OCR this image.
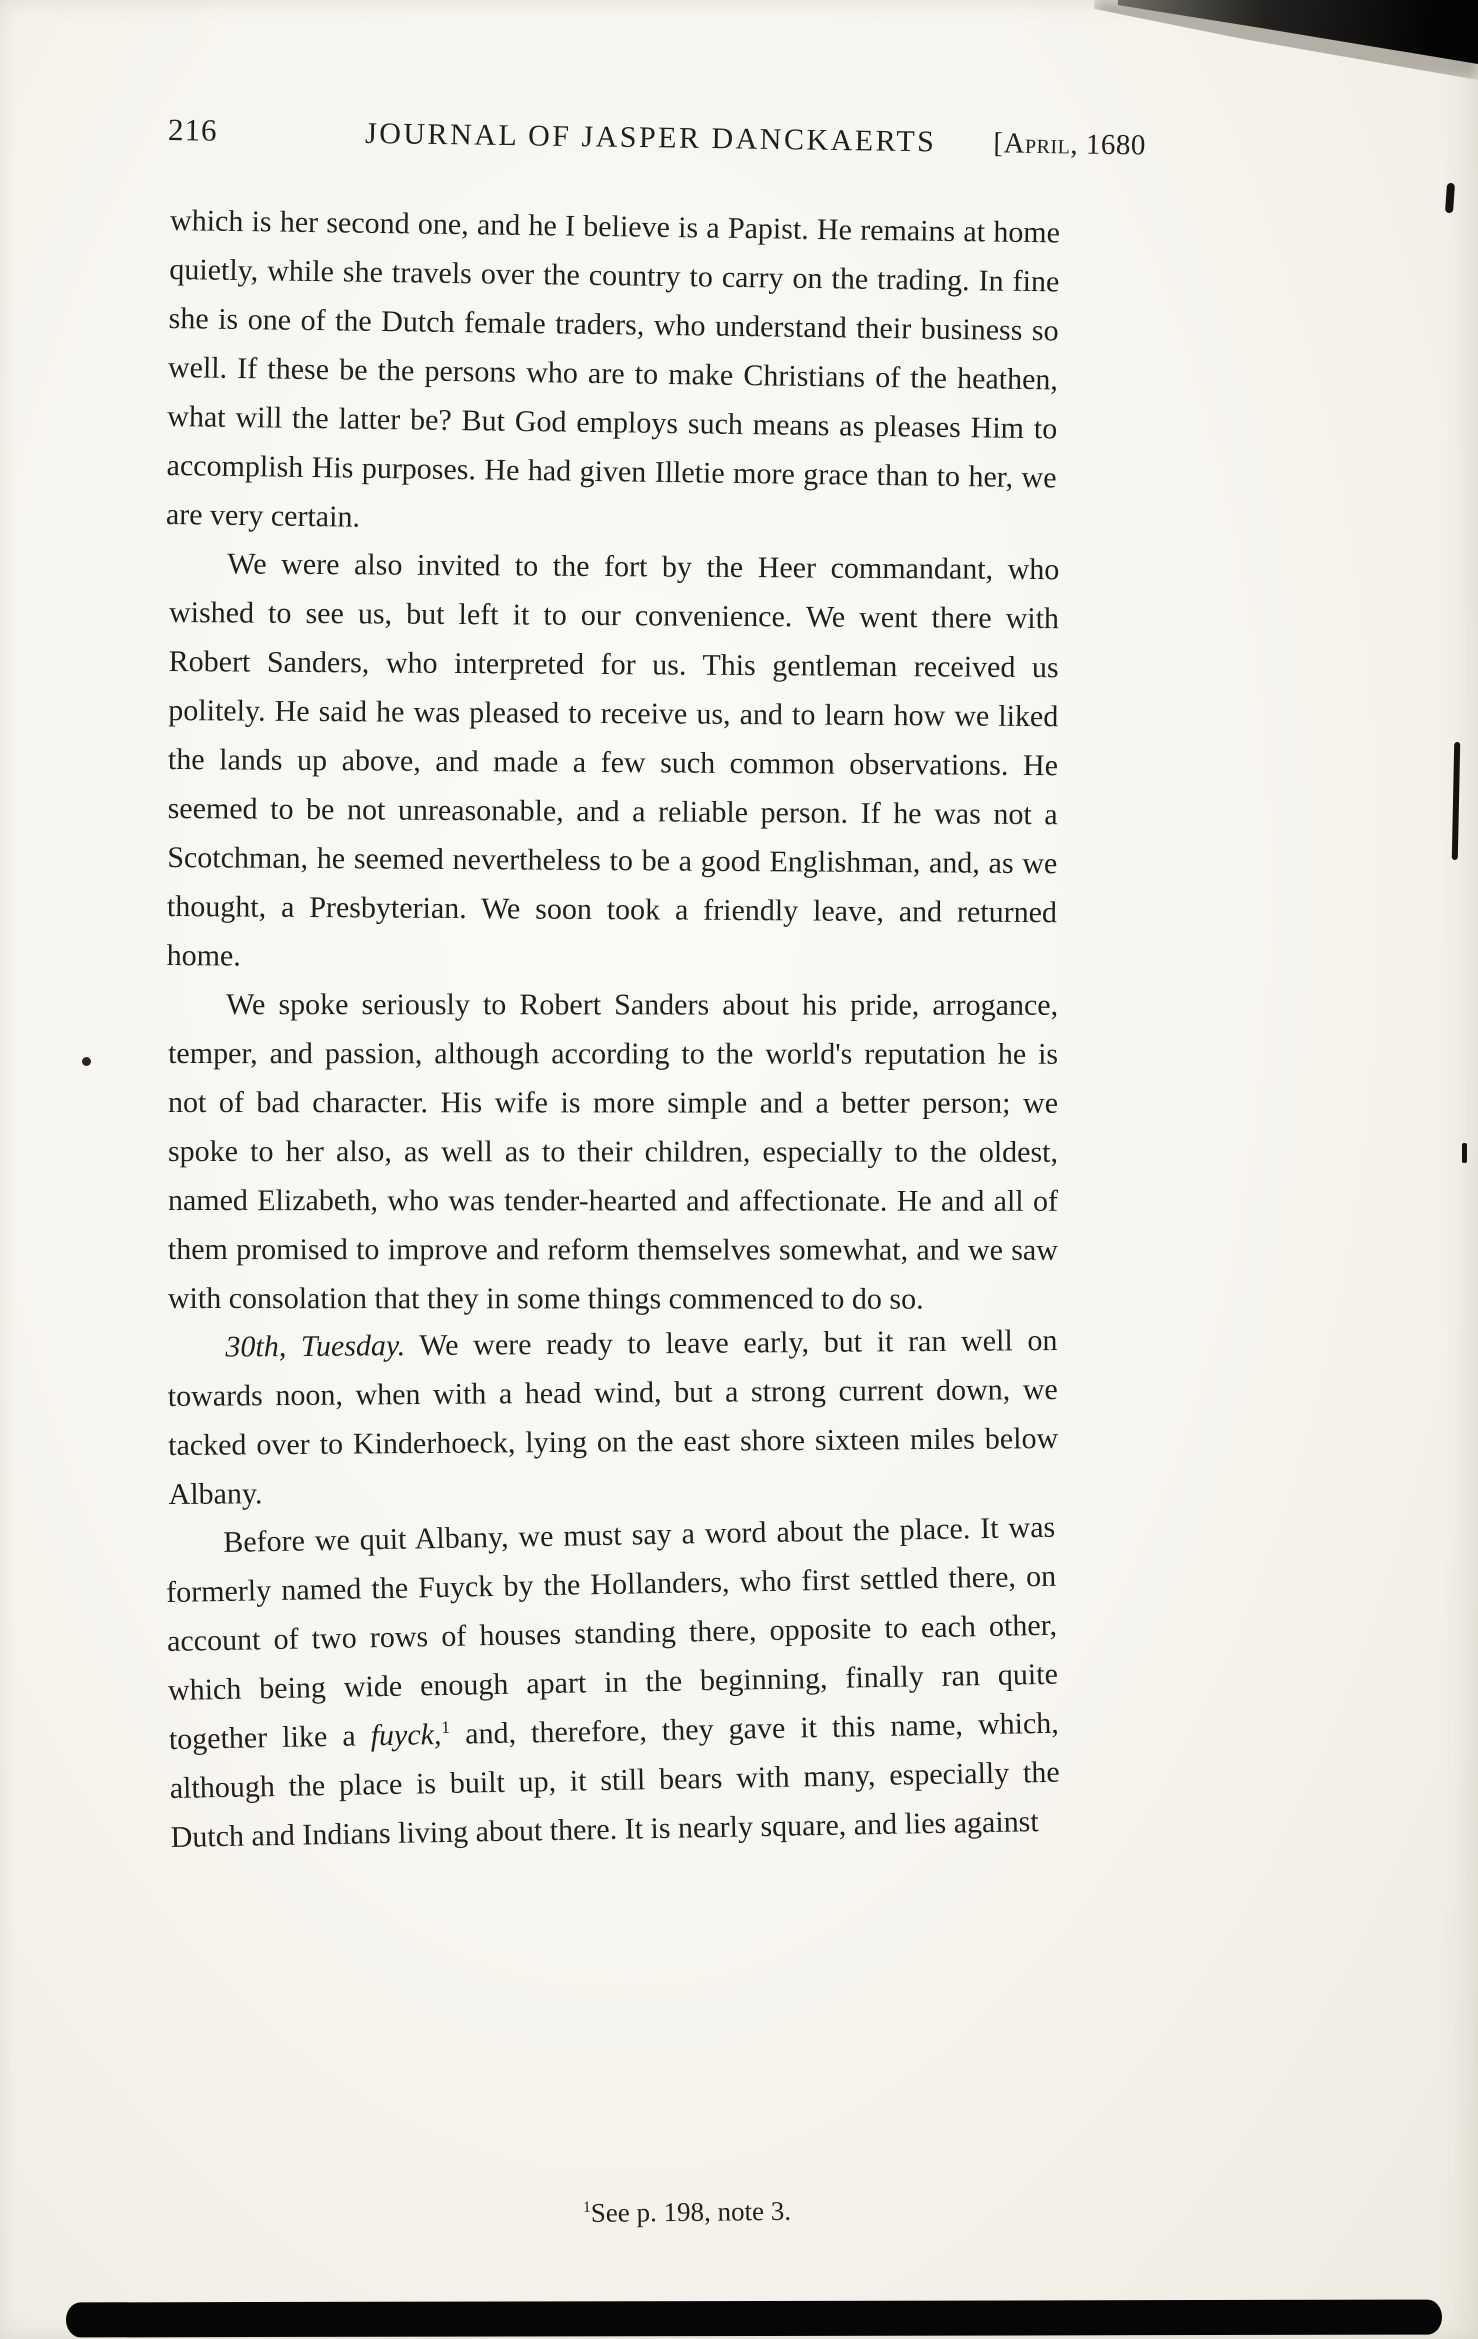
216	JOURNAL OF JASPER DANCKAERTS	[April, 1680

which is her second one, and he I believe is a Papist. He remains at home quietly, while she travels over the country to carry on the trading. In fine she is one of the Dutch female traders, who understand their business so well. If these be the persons who are to make Christians of the heathen, what will the latter be? But God employs such means as pleases Him to accomplish His purposes. He had given Illetie more grace than to her, we are very certain.

We were also invited to the fort by the Heer commandant, who wished to see us, but left it to our convenience. We went there with Robert Sanders, who interpreted for us. This gentleman received us politely. He said he was pleased to receive us, and to learn how we liked the lands up above, and made a few such common observations. He seemed to be not unreasonable, and a reliable person. If he was not a Scotchman, he seemed nevertheless to be a good Englishman, and, as we thought, a Presbyterian. We soon took a friendly leave, and returned home.

We spoke seriously to Robert Sanders about his pride, arrogance, temper, and passion, although according to the world's reputation he is not of bad character. His wife is more simple and a better person; we spoke to her also, as well as to their children, especially to the oldest, named Elizabeth, who was tender-hearted and affectionate. He and all of them promised to improve and reform themselves somewhat, and we saw with consolation that they in some things commenced to do so.

30th, Tuesday. We were ready to leave early, but it ran well on towards noon, when with a head wind, but a strong current down, we tacked over to Kinderhoeck, lying on the east shore sixteen miles below Albany.

Before we quit Albany, we must say a word about the place. It was formerly named the Fuyck by the Hollanders, who first settled there, on account of two rows of houses standing there, opposite to each other, which being wide enough apart in the beginning, finally ran quite together like a fuyck,$^1$ and, therefore, they gave it this name, which, although the place is built up, it still bears with many, especially the Dutch and Indians living about there. It is nearly square, and lies against

$^1$See p. 198, note 3.
